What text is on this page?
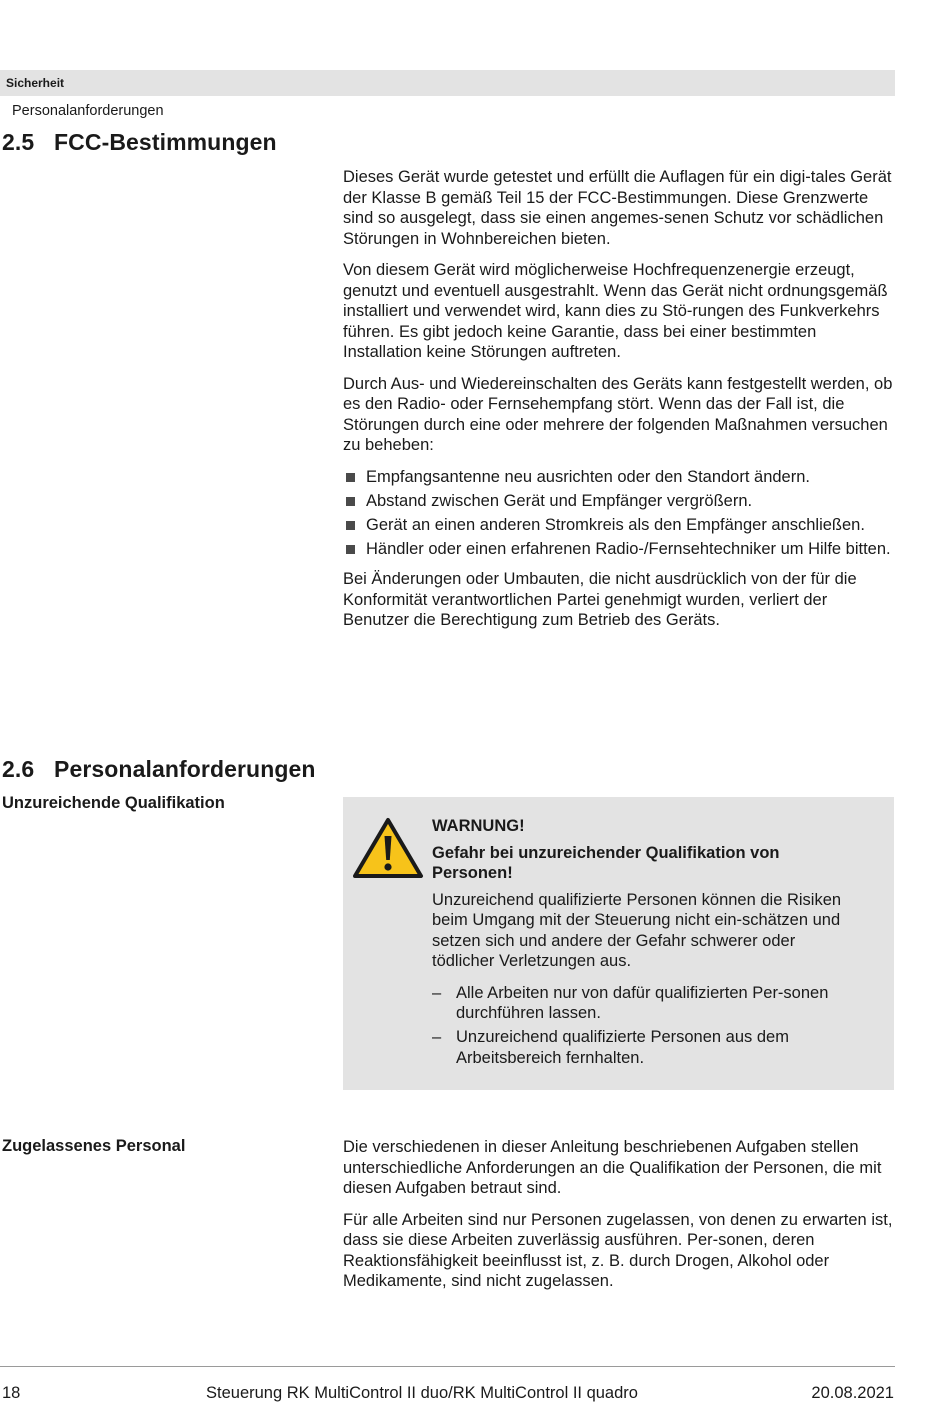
Sicherheit
Personalanforderungen
2.5 FCC-Bestimmungen

Dieses Gerät wurde getestet und erfüllt die Auflagen für ein digi-tales Gerät der Klasse B gemäß Teil 15 der FCC-Bestimmungen. Diese Grenzwerte sind so ausgelegt, dass sie einen angemes-senen Schutz vor schädlichen Störungen in Wohnbereichen bieten.

Von diesem Gerät wird möglicherweise Hochfrequenzenergie erzeugt, genutzt und eventuell ausgestrahlt. Wenn das Gerät nicht ordnungsgemäß installiert und verwendet wird, kann dies zu Stö-rungen des Funkverkehrs führen. Es gibt jedoch keine Garantie, dass bei einer bestimmten Installation keine Störungen auftreten.

Durch Aus- und Wiedereinschalten des Geräts kann festgestellt werden, ob es den Radio- oder Fernsehempfang stört. Wenn das der Fall ist, die Störungen durch eine oder mehrere der folgenden Maßnahmen versuchen zu beheben:

Empfangsantenne neu ausrichten oder den Standort ändern.
Abstand zwischen Gerät und Empfänger vergrößern.
Gerät an einen anderen Stromkreis als den Empfänger anschließen.
Händler oder einen erfahrenen Radio-/Fernsehtechniker um Hilfe bitten.

Bei Änderungen oder Umbauten, die nicht ausdrücklich von der für die Konformität verantwortlichen Partei genehmigt wurden, verliert der Benutzer die Berechtigung zum Betrieb des Geräts.

2.6 Personalanforderungen
Unzureichende Qualifikation
WARNUNG!
Gefahr bei unzureichender Qualifikation von Personen!

Unzureichend qualifizierte Personen können die Risiken beim Umgang mit der Steuerung nicht ein-schätzen und setzen sich und andere der Gefahr schwerer oder tödlicher Verletzungen aus.

– Alle Arbeiten nur von dafür qualifizierten Per-sonen durchführen lassen.
– Unzureichend qualifizierte Personen aus dem Arbeitsbereich fernhalten.
Zugelassenes Personal	Die verschiedenen in dieser Anleitung beschriebenen Aufgaben stellen unterschiedliche Anforderungen an die Qualifikation der Personen, die mit diesen Aufgaben betraut sind.

Für alle Arbeiten sind nur Personen zugelassen, von denen zu erwarten ist, dass sie diese Arbeiten zuverlässig ausführen. Per-sonen, deren Reaktionsfähigkeit beeinflusst ist, z. B. durch Drogen, Alkohol oder Medikamente, sind nicht zugelassen.

18	Steuerung RK MultiControl II duo/RK MultiControl II quadro	20.08.2021
